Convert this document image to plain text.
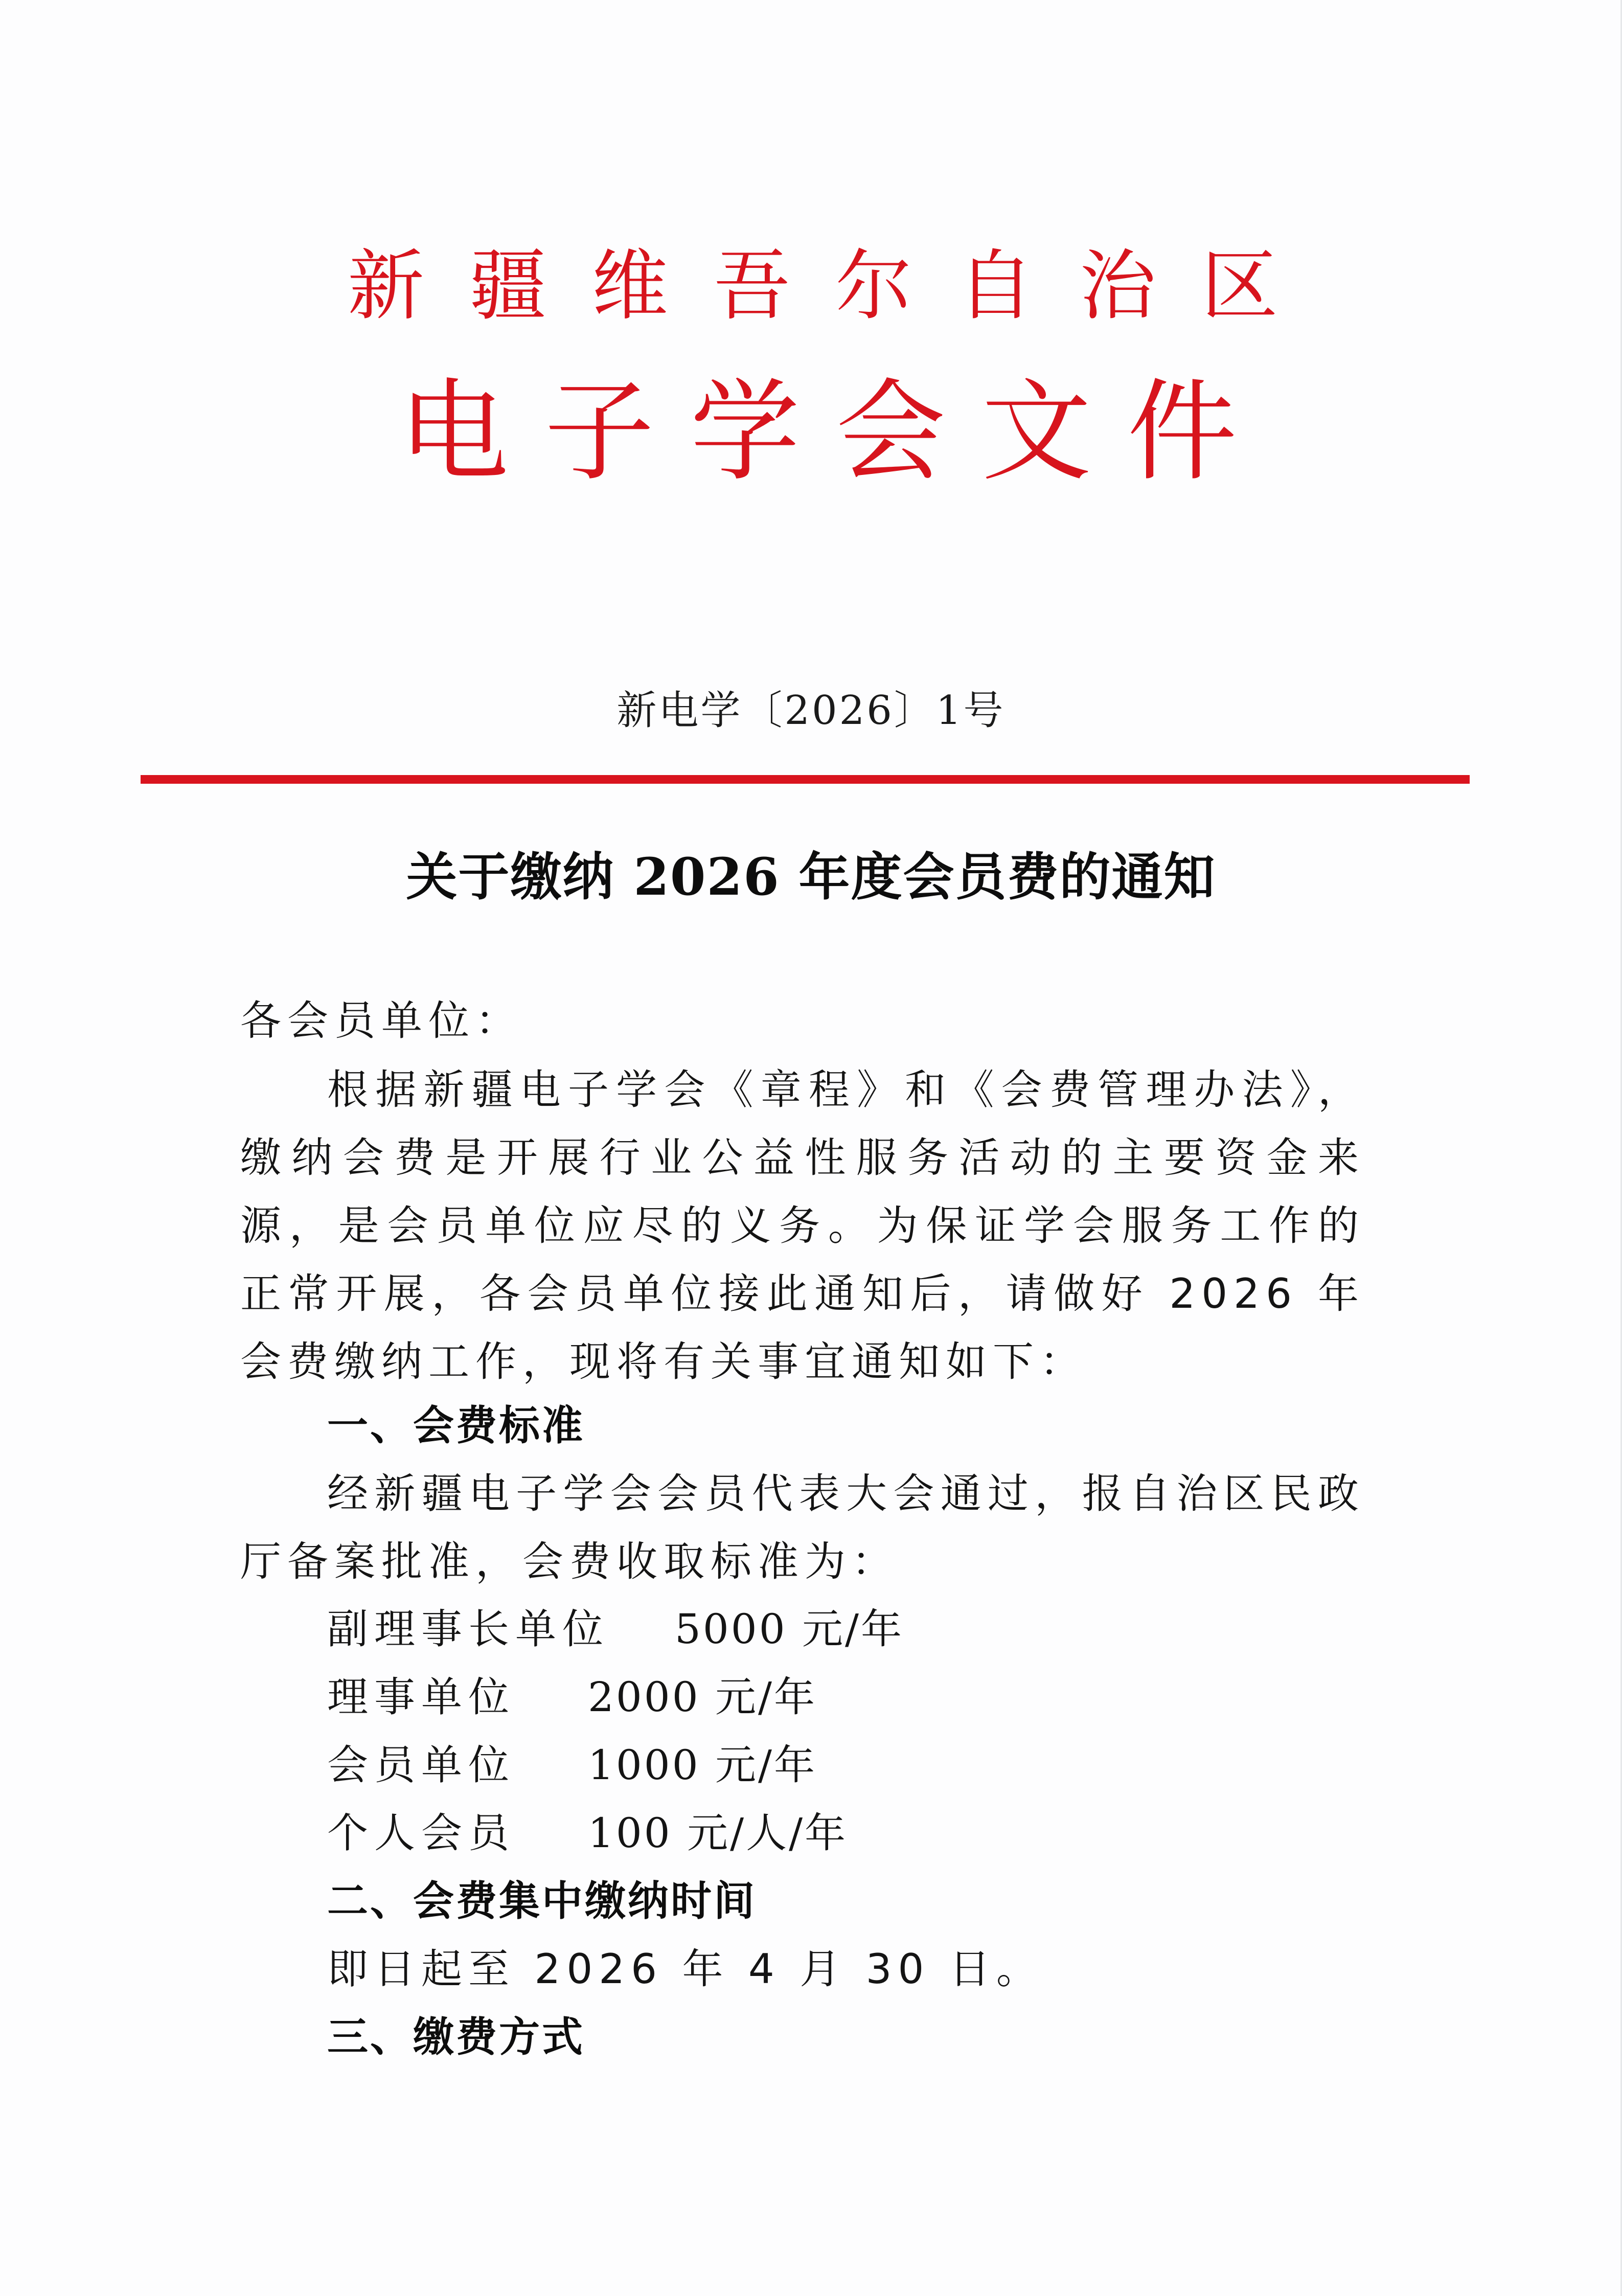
新 疆 维 吾 尔 自 治 区
电 子 学 会 文 件
新电学〔2026〕1号
关于缴纳 2026 年度会员费的通知
各会员单位：
根据新疆电子学会《章程》和《会费管理办法》，缴纳会费是开展行业公益性服务活动的主要资金来源，是会员单位应尽的义务。为保证学会服务工作的正常开展，各会员单位接此通知后，请做好 2026 年会费缴纳工作，现将有关事宜通知如下：
一、会费标准
经新疆电子学会会员代表大会通过，报自治区民政厅备案批准，会费收取标准为：
副理事长单位 5000 元/年
理事单位 2000 元/年
会员单位 1000 元/年
个人会员 100 元/人/年
二、会费集中缴纳时间
即日起至 2026 年 4 月 30 日。
三、缴费方式
